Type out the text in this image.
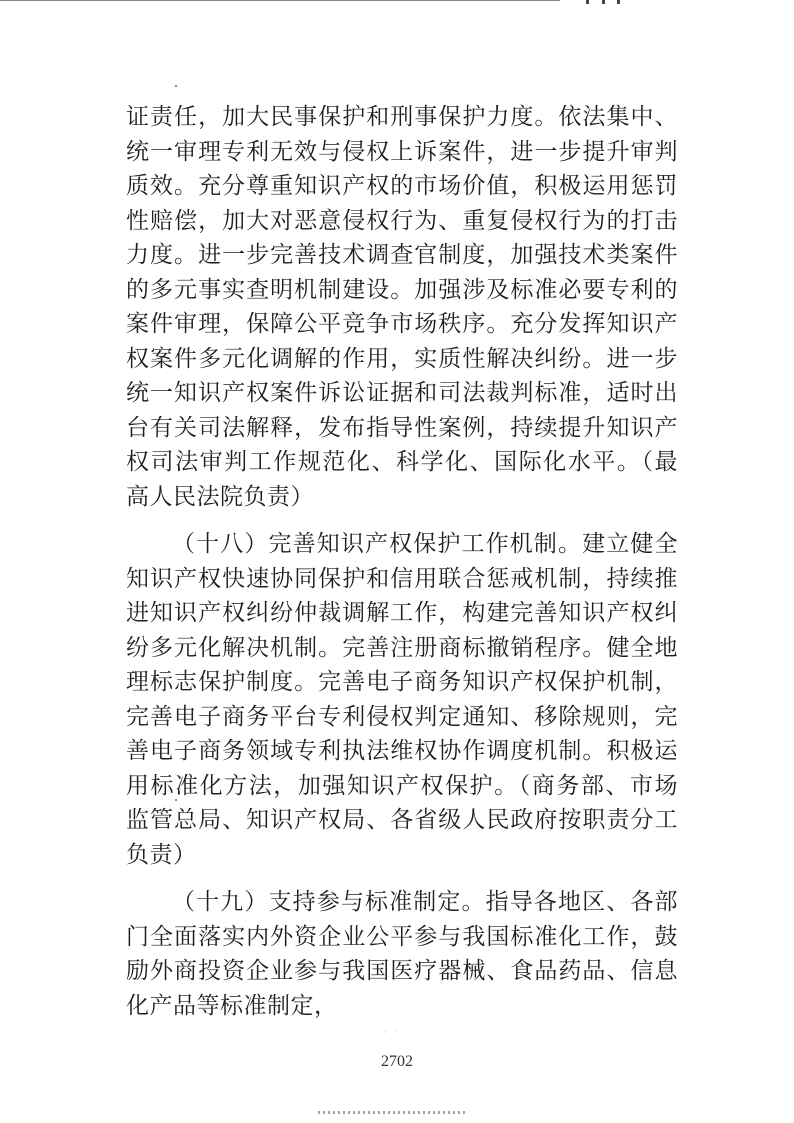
证责任，加大民事保护和刑事保护力度。依法集中、统一审理专利无效与侵权上诉案件，进一步提升审判质效。充分尊重知识产权的市场价值，积极运用惩罚性赔偿，加大对恶意侵权行为、重复侵权行为的打击力度。进一步完善技术调查官制度，加强技术类案件的多元事实查明机制建设。加强涉及标准必要专利的案件审理，保障公平竞争市场秩序。充分发挥知识产权案件多元化调解的作用，实质性解决纠纷。进一步统一知识产权案件诉讼证据和司法裁判标准，适时出台有关司法解释，发布指导性案例，持续提升知识产权司法审判工作规范化、科学化、国际化水平。（最高人民法院负责）

（十八）完善知识产权保护工作机制。建立健全知识产权快速协同保护和信用联合惩戒机制，持续推进知识产权纠纷仲裁调解工作，构建完善知识产权纠纷多元化解决机制。完善注册商标撤销程序。健全地理标志保护制度。完善电子商务知识产权保护机制，完善电子商务平台专利侵权判定通知、移除规则，完善电子商务领域专利执法维权协作调度机制。积极运用标准化方法，加强知识产权保护。（商务部、市场监管总局、知识产权局、各省级人民政府按职责分工负责）

（十九）支持参与标准制定。指导各地区、各部门全面落实内外资企业公平参与我国标准化工作，鼓励外商投资企业参与我国医疗器械、食品药品、信息化产品等标准制定，

· · ·
2702
